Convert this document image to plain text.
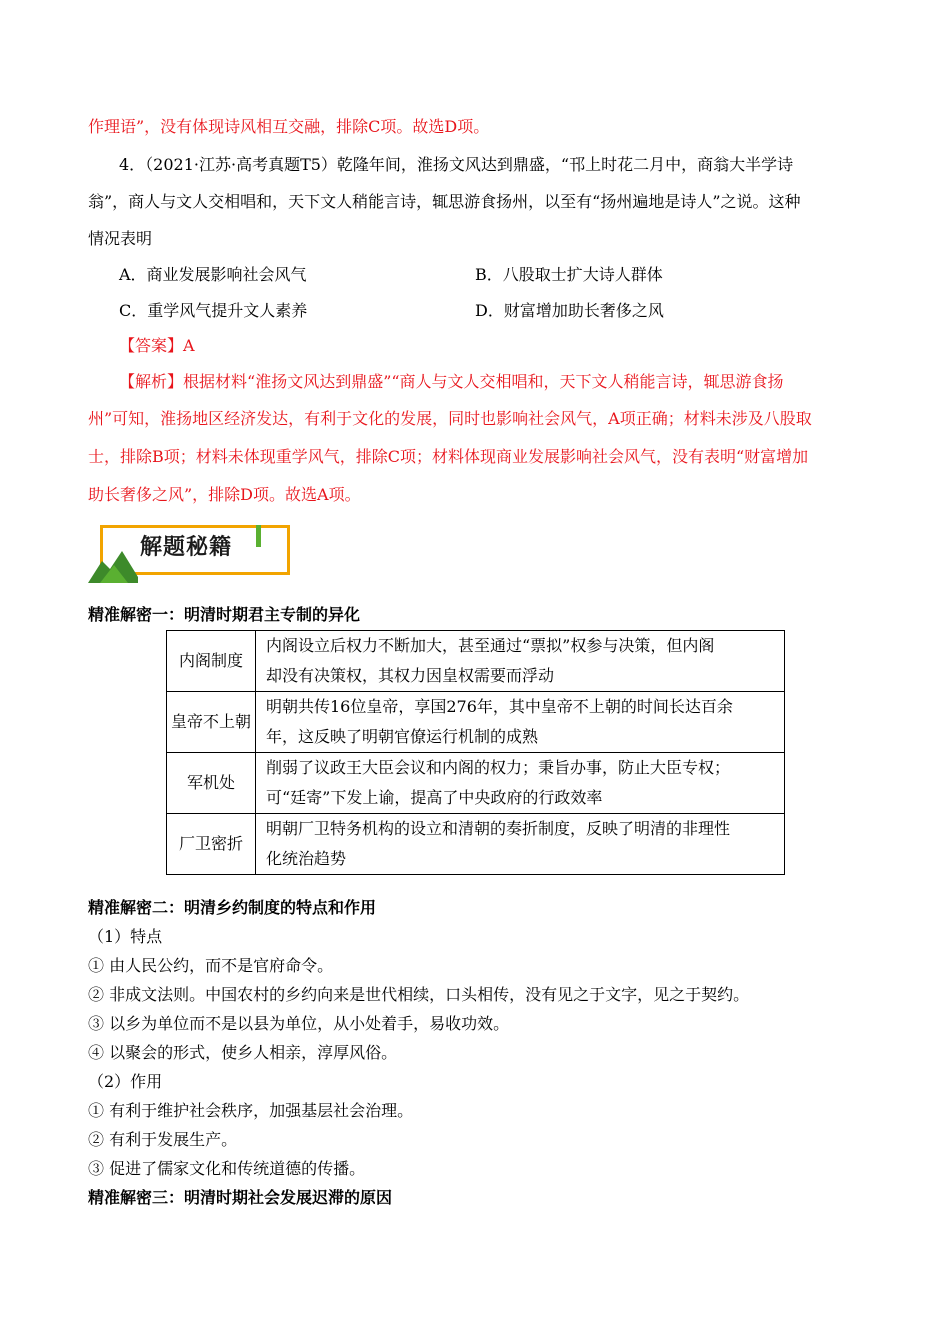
作理语”，没有体现诗风相互交融，排除C项。故选D项。
4．（2021·江苏·高考真题T5）乾隆年间，淮扬文风达到鼎盛，“邗上时花二月中，商翁大半学诗
翁”，商人与文人交相唱和，天下文人稍能言诗，辄思游食扬州，以至有“扬州遍地是诗人”之说。这种
情况表明
A．商业发展影响社会风气	B．八股取士扩大诗人群体
C．重学风气提升文人素养	D．财富增加助长奢侈之风
【答案】A
【解析】根据材料“淮扬文风达到鼎盛”“商人与文人交相唱和，天下文人稍能言诗，辄思游食扬
州”可知，淮扬地区经济发达，有利于文化的发展，同时也影响社会风气，A项正确；材料未涉及八股取
士，排除B项；材料未体现重学风气，排除C项；材料体现商业发展影响社会风气，没有表明“财富增加
助长奢侈之风”，排除D项。故选A项。
解题秘籍
精准解密一：明清时期君主专制的异化
内阁制度	内阁设立后权力不断加大，甚至通过“票拟”权参与决策，但内阁
却没有决策权，其权力因皇权需要而浮动

皇帝不上朝	明朝共传16位皇帝，享国276年，其中皇帝不上朝的时间长达百余
年，这反映了明朝官僚运行机制的成熟

军机处	削弱了议政王大臣会议和内阁的权力；秉旨办事，防止大臣专权；
可“廷寄”下发上谕，提高了中央政府的行政效率

厂卫密折	明朝厂卫特务机构的设立和清朝的奏折制度，反映了明清的非理性
化统治趋势
精准解密二：明清乡约制度的特点和作用
（1）特点
① 由人民公约，而不是官府命令。
② 非成文法则。中国农村的乡约向来是世代相续，口头相传，没有见之于文字，见之于契约。
③ 以乡为单位而不是以县为单位，从小处着手，易收功效。
④ 以聚会的形式，使乡人相亲，淳厚风俗。
（2）作用
① 有利于维护社会秩序，加强基层社会治理。
② 有利于发展生产。
③ 促进了儒家文化和传统道德的传播。
精准解密三：明清时期社会发展迟滞的原因
